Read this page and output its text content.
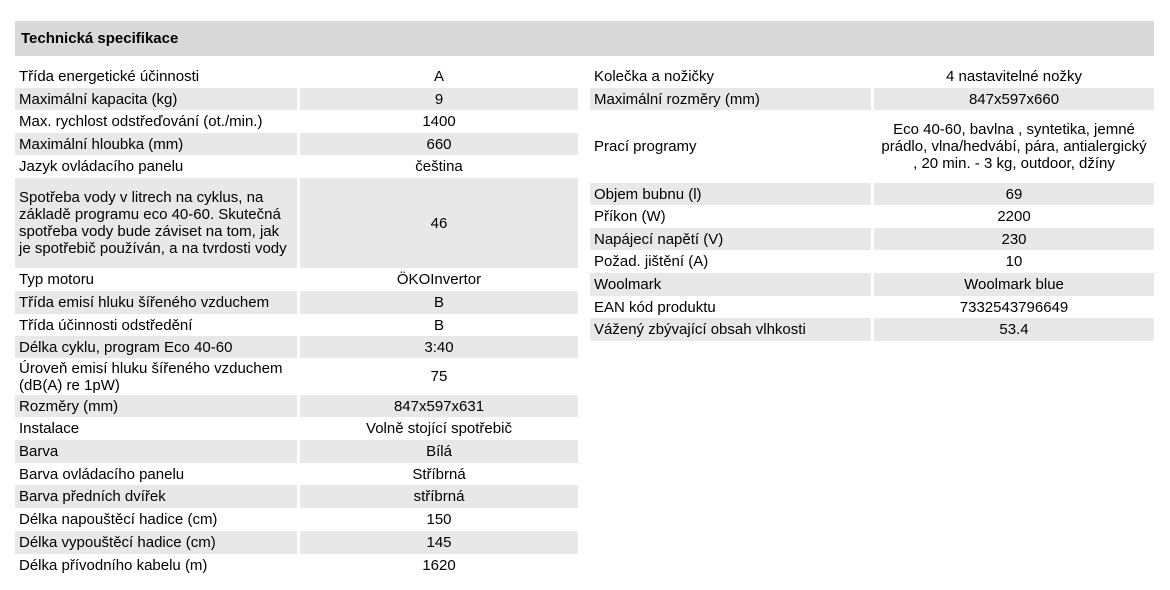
Technická specifikace
Třída energetické účinnosti		A
Maximální kapacita (kg)		9
Max. rychlost odstřeďování (ot./min.)		1400
Maximální hloubka (mm)		660
Jazyk ovládacího panelu		čeština
Spotřeba vody v litrech na cyklus, na základě programu eco 40-60. Skutečná spotřeba vody bude záviset na tom, jak je spotřebič používán, a na tvrdosti vody		46
Typ motoru		ÖKOInvertor
Třída emisí hluku šířeného vzduchem		B
Třída účinnosti odstředění		B
Délka cyklu, program Eco 40-60		3:40
Úroveň emisí hluku šířeného vzduchem (dB(A) re 1pW)		75
Rozměry (mm)		847x597x631
Instalace		Volně stojící spotřebič
Barva		Bílá
Barva ovládacího panelu		Stříbrná
Barva předních dvířek		stříbrná
Délka napouštěcí hadice (cm)		150
Délka vypouštěcí hadice (cm)		145
Délka přívodního kabelu (m)		1620
Kolečka a nožičky		4 nastavitelné nožky
Maximální rozměry (mm)		847x597x660
Prací programy		Eco 40-60, bavlna , syntetika, jemné prádlo, vlna/hedvábí, pára, antialergický , 20 min. - 3 kg, outdoor, džíny
Objem bubnu (l)		69
Příkon (W)		2200
Napájecí napětí (V)		230
Požad. jištění (A)		10
Woolmark		Woolmark blue
EAN kód produktu		7332543796649
Vážený zbývající obsah vlhkosti		53.4
